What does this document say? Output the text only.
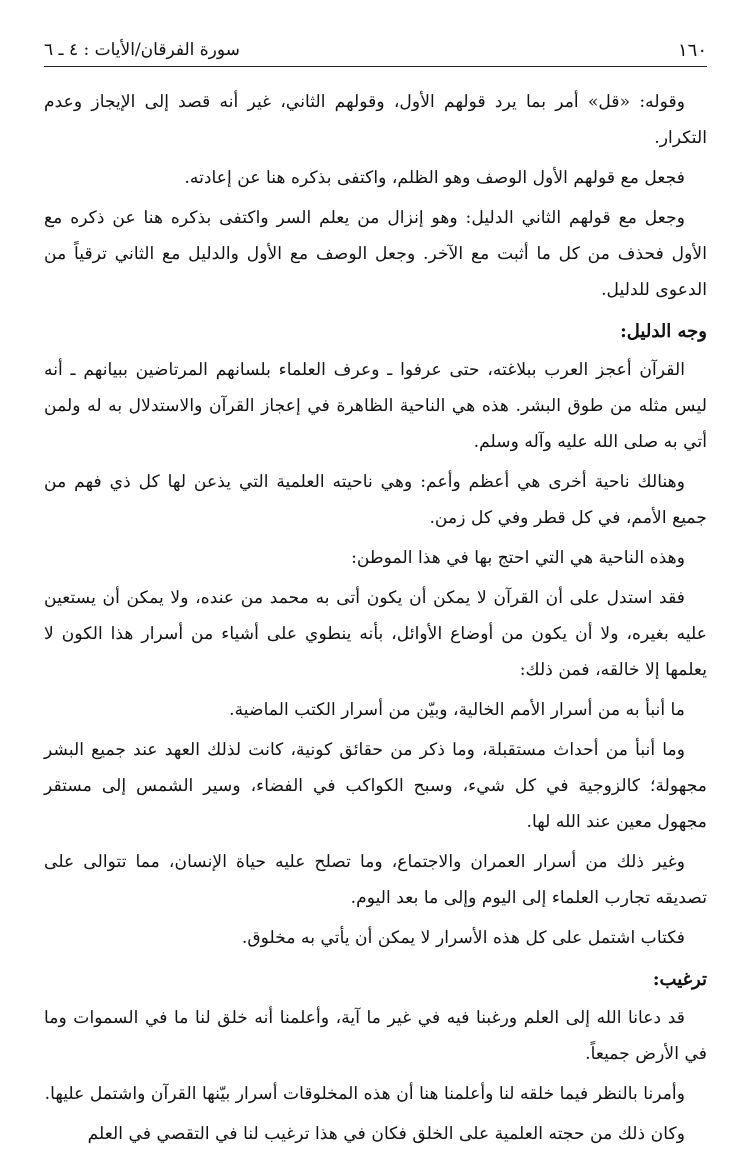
١٦٠
سورة الفرقان/الأيات : ٤ ـ ٦

وقوله: «قل» أمر بما يرد قولهم الأول، وقولهم الثاني، غير أنه قصد إلى الإيجاز وعدم التكرار.

فجعل مع قولهم الأول الوصف وهو الظلم، واكتفى بذكره هنا عن إعادته.

وجعل مع قولهم الثاني الدليل: وهو إنزال من يعلم السر واكتفى بذكره هنا عن ذكره مع الأول فحذف من كل ما أثبت مع الآخر. وجعل الوصف مع الأول والدليل مع الثاني ترقياً من الدعوى للدليل.

وجه الدليل:

القرآن أعجز العرب ببلاغته، حتى عرفوا ـ وعرف العلماء بلسانهم المرتاضين ببيانهم ـ أنه ليس مثله من طوق البشر. هذه هي الناحية الظاهرة في إعجاز القرآن والاستدلال به له ولمن أتي به صلى الله عليه وآله وسلم.

وهنالك ناحية أخرى هي أعظم وأعم: وهي ناحيته العلمية التي يذعن لها كل ذي فهم من جميع الأمم، في كل قطر وفي كل زمن.

وهذه الناحية هي التي احتج بها في هذا الموطن:

فقد استدل على أن القرآن لا يمكن أن يكون أتى به محمد من عنده، ولا يمكن أن يستعين عليه بغيره، ولا أن يكون من أوضاع الأوائل، بأنه ينطوي على أشياء من أسرار هذا الكون لا يعلمها إلا خالقه، فمن ذلك:

ما أنبأ به من أسرار الأمم الخالية، وبيّن من أسرار الكتب الماضية.

وما أنبأ من أحداث مستقبلة، وما ذكر من حقائق كونية، كانت لذلك العهد عند جميع البشر مجهولة؛ كالزوجية في كل شيء، وسبح الكواكب في الفضاء، وسير الشمس إلى مستقر مجهول معين عند الله لها.

وغير ذلك من أسرار العمران والاجتماع، وما تصلح عليه حياة الإنسان، مما تتوالى على تصديقه تجارب العلماء إلى اليوم وإلى ما بعد اليوم.

فكتاب اشتمل على كل هذه الأسرار لا يمكن أن يأتي به مخلوق.

ترغيب:

قد دعانا الله إلى العلم ورغبنا فيه في غير ما آية، وأعلمنا أنه خلق لنا ما في السموات وما في الأرض جميعاً.

وأمرنا بالنظر فيما خلقه لنا وأعلمنا هنا أن هذه المخلوقات أسرار بيّنها القرآن واشتمل عليها.

وكان ذلك من حجته العلمية على الخلق فكان في هذا ترغيب لنا في التقصي في العلم
